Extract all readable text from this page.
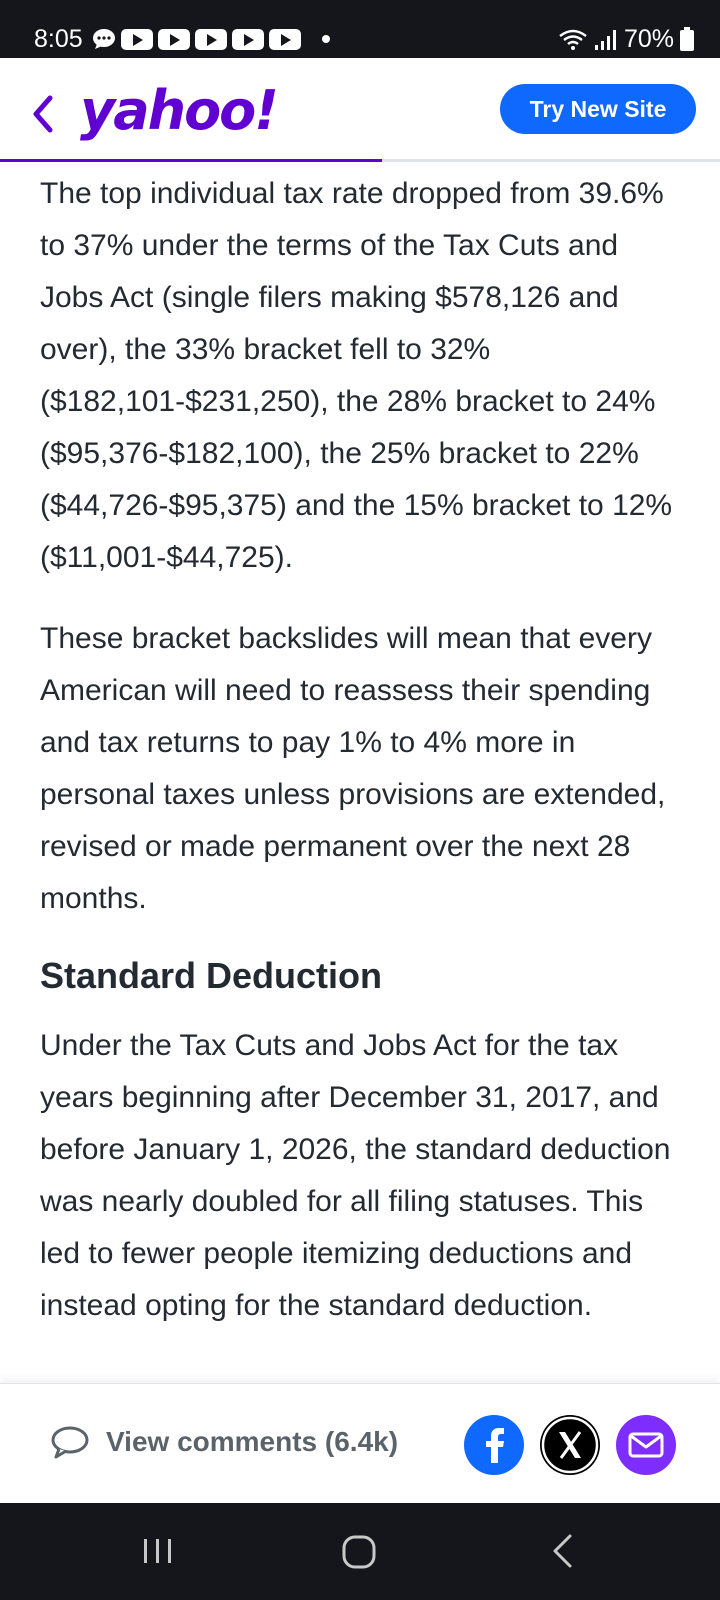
8:05	70%
yahoo!	Try New Site

The top individual tax rate dropped from 39.6% to 37% under the terms of the Tax Cuts and Jobs Act (single filers making $578,126 and over), the 33% bracket fell to 32% ($182,101-$231,250), the 28% bracket to 24% ($95,376-$182,100), the 25% bracket to 22% ($44,726-$95,375) and the 15% bracket to 12% ($11,001-$44,725).

These bracket backslides will mean that every American will need to reassess their spending and tax returns to pay 1% to 4% more in personal taxes unless provisions are extended, revised or made permanent over the next 28 months.

Standard Deduction

Under the Tax Cuts and Jobs Act for the tax years beginning after December 31, 2017, and before January 1, 2026, the standard deduction was nearly doubled for all filing statuses. This led to fewer people itemizing deductions and instead opting for the standard deduction.

View comments (6.4k)
